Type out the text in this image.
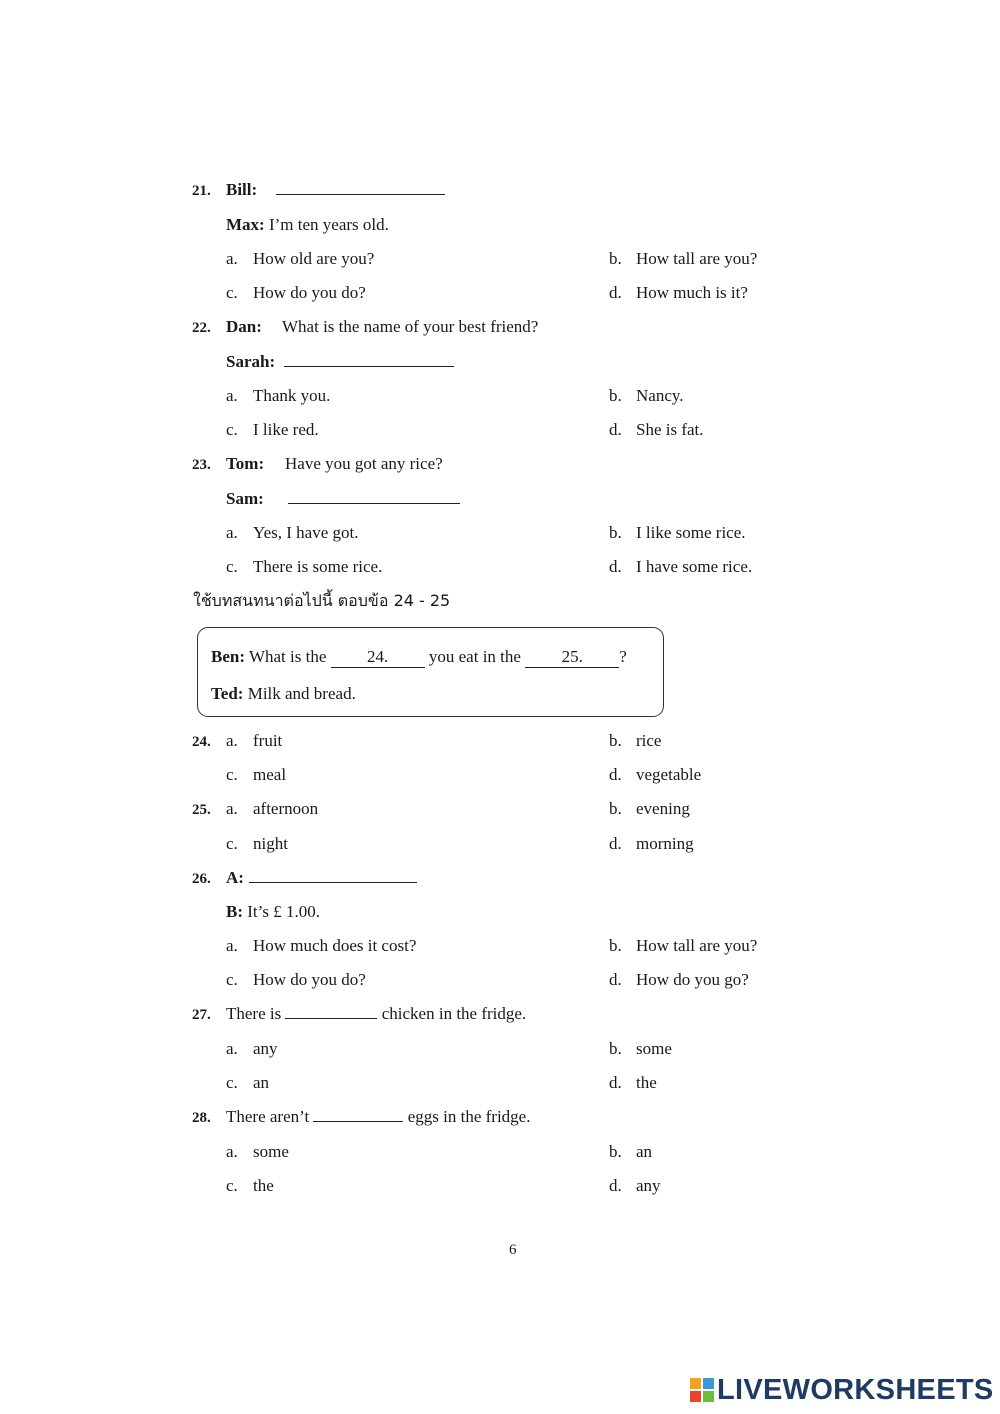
21. Bill:
Max: I’m ten years old.
a. How old are you?	b. How tall are you?
c. How do you do?	d. How much is it?
22. Dan: What is the name of your best friend?
Sarah:
a. Thank you.	b. Nancy.
c. I like red.	d. She is fat.
23. Tom: Have you got any rice?
Sam:
a. Yes, I have got.	b. I like some rice.
c. There is some rice.	d. I have some rice.
ใช้บทสนทนาต่อไปนี้ ตอบข้อ 24 - 25
Ben: What is the 24. you eat in the 25. ?
Ted: Milk and bread.
24. a. fruit	b. rice
c. meal	d. vegetable
25. a. afternoon	b. evening
c. night	d. morning
26. A:
B: It’s £ 1.00.
a. How much does it cost?	b. How tall are you?
c. How do you do?	d. How do you go?
27. There is	chicken in the fridge.
a. any	b. some
c. an	d. the
28. There aren’t	eggs in the fridge.
a. some	b. an
c. the	d. any
6
LIVEWORKSHEETS
